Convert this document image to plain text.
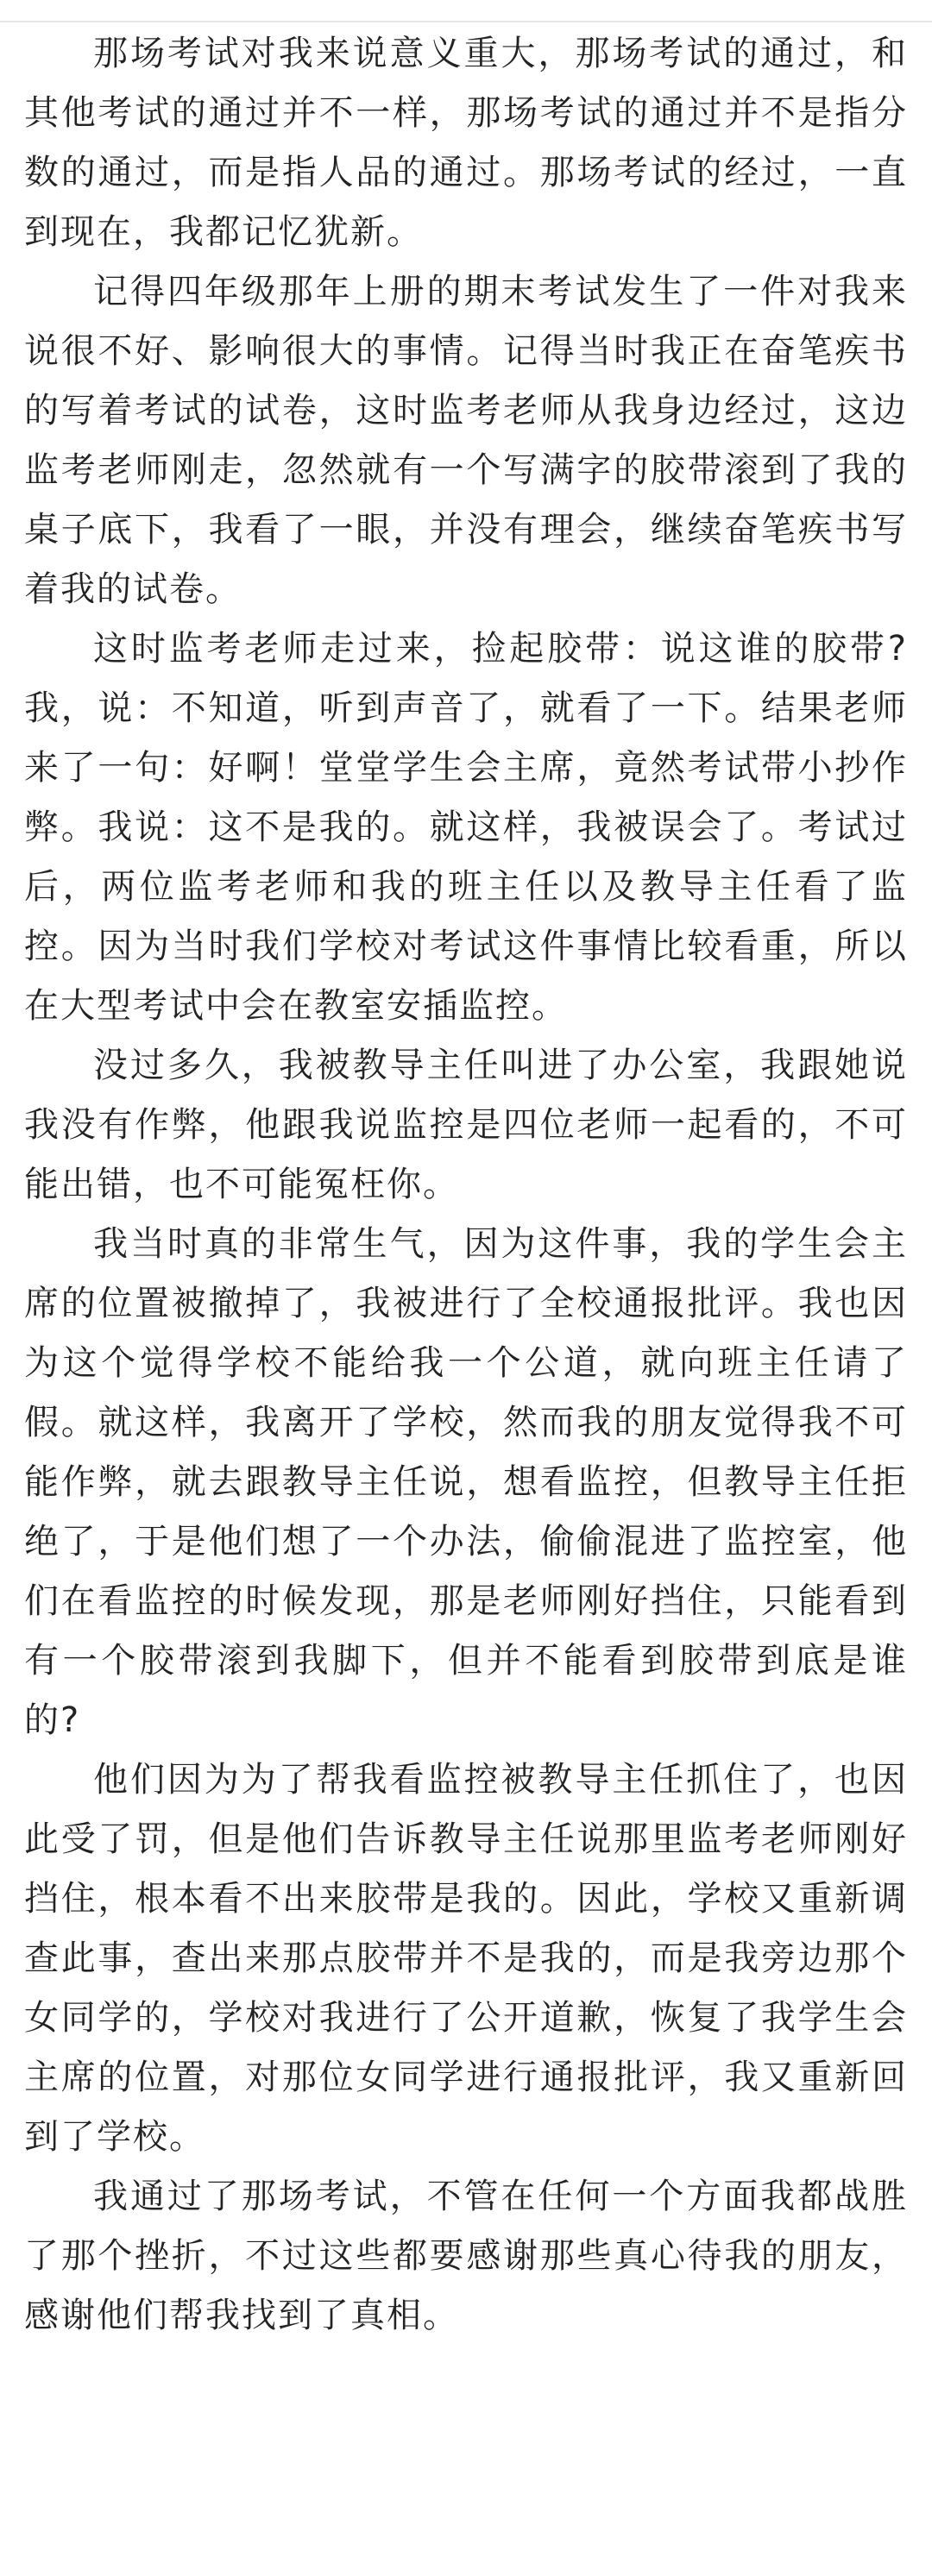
那场考试对我来说意义重大，那场考试的通过，和其他考试的通过并不一样，那场考试的通过并不是指分数的通过，而是指人品的通过。那场考试的经过，一直到现在，我都记忆犹新。

记得四年级那年上册的期末考试发生了一件对我来说很不好、影响很大的事情。记得当时我正在奋笔疾书的写着考试的试卷，这时监考老师从我身边经过，这边监考老师刚走，忽然就有一个写满字的胶带滚到了我的桌子底下，我看了一眼，并没有理会，继续奋笔疾书写着我的试卷。

这时监考老师走过来，捡起胶带：说这谁的胶带?我，说：不知道，听到声音了，就看了一下。结果老师来了一句：好啊！堂堂学生会主席，竟然考试带小抄作弊。我说：这不是我的。就这样，我被误会了。考试过后，两位监考老师和我的班主任以及教导主任看了监控。因为当时我们学校对考试这件事情比较看重，所以在大型考试中会在教室安插监控。

没过多久，我被教导主任叫进了办公室，我跟她说我没有作弊，他跟我说监控是四位老师一起看的，不可能出错，也不可能冤枉你。

我当时真的非常生气，因为这件事，我的学生会主席的位置被撤掉了，我被进行了全校通报批评。我也因为这个觉得学校不能给我一个公道，就向班主任请了假。就这样，我离开了学校，然而我的朋友觉得我不可能作弊，就去跟教导主任说，想看监控，但教导主任拒绝了，于是他们想了一个办法，偷偷混进了监控室，他们在看监控的时候发现，那是老师刚好挡住，只能看到有一个胶带滚到我脚下，但并不能看到胶带到底是谁的?

他们因为为了帮我看监控被教导主任抓住了，也因此受了罚，但是他们告诉教导主任说那里监考老师刚好挡住，根本看不出来胶带是我的。因此，学校又重新调查此事，查出来那点胶带并不是我的，而是我旁边那个女同学的，学校对我进行了公开道歉，恢复了我学生会主席的位置，对那位女同学进行通报批评，我又重新回到了学校。

我通过了那场考试，不管在任何一个方面我都战胜了那个挫折，不过这些都要感谢那些真心待我的朋友，感谢他们帮我找到了真相。
